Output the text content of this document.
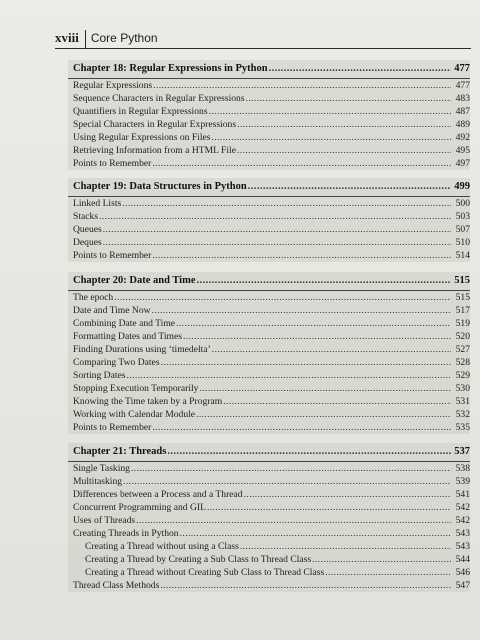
xviii	Core Python
Chapter 18: Regular Expressions in Python .....	477
Regular Expressions .....	477
Sequence Characters in Regular Expressions .....	483
Quantifiers in Regular Expressions .....	487
Special Characters in Regular Expressions .....	489
Using Regular Expressions on Files .....	492
Retrieving Information from a HTML File .....	495
Points to Remember .....	497
Chapter 19: Data Structures in Python .....	499
Linked Lists .....	500
Stacks .....	503
Queues .....	507
Deques .....	510
Points to Remember .....	514
Chapter 20: Date and Time .....	515
The epoch .....	515
Date and Time Now .....	517
Combining Date and Time .....	519
Formatting Dates and Times .....	520
Finding Durations using ‘timedelta’ .....	527
Comparing Two Dates .....	528
Sorting Dates .....	529
Stopping Execution Temporarily .....	530
Knowing the Time taken by a Program .....	531
Working with Calendar Module .....	532
Points to Remember .....	535
Chapter 21: Threads .....	537
Single Tasking .....	538
Multitasking .....	539
Differences between a Process and a Thread .....	541
Concurrent Programming and GIL .....	542
Uses of Threads .....	542
Creating Threads in Python .....	543
Creating a Thread without using a Class .....	543
Creating a Thread by Creating a Sub Class to Thread Class .....	544
Creating a Thread without Creating Sub Class to Thread Class .....	546
Thread Class Methods .....	547
